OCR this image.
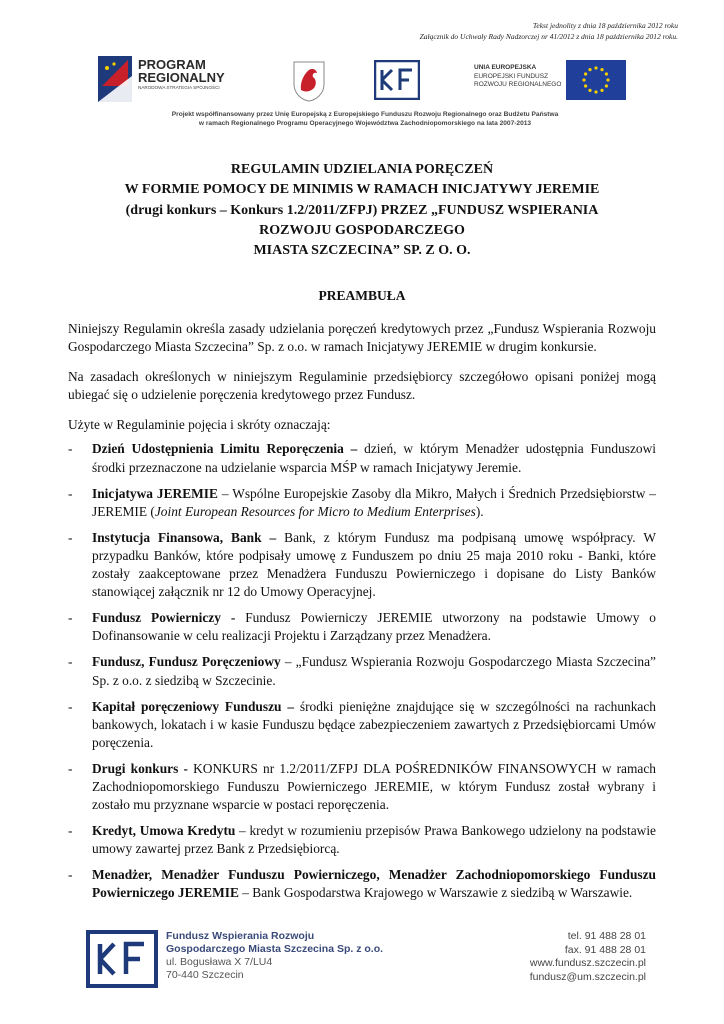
Tekst jednolity z dnia 18 października 2012 roku
Załącznik do Uchwały Rady Nadzorczej nr 41/2012 z dnia 18 października 2012 roku.
PROGRAM
REGIONALNY
NARODOWA STRATEGIA SPÓJNOŚCI
UNIA EUROPEJSKA
EUROPEJSKI FUNDUSZ
ROZWOJU REGIONALNEGO
Projekt współfinansowany przez Unię Europejską z Europejskiego Funduszu Rozwoju Regionalnego oraz Budżetu Państwa
w ramach Regionalnego Programu Operacyjnego Województwa Zachodniopomorskiego na lata 2007-2013
REGULAMIN UDZIELANIA PORĘCZEŃ
W FORMIE POMOCY DE MINIMIS W RAMACH INICJATYWY JEREMIE
(drugi konkurs – Konkurs 1.2/2011/ZFPJ) PRZEZ „FUNDUSZ WSPIERANIA
ROZWOJU GOSPODARCZEGO
MIASTA SZCZECINA” SP. Z O. O.
PREAMBUŁA

Niniejszy Regulamin określa zasady udzielania poręczeń kredytowych przez „Fundusz Wspierania Rozwoju Gospodarczego Miasta Szczecina” Sp. z o.o. w ramach Inicjatywy JEREMIE w drugim konkursie.

Na zasadach określonych w niniejszym Regulaminie przedsiębiorcy szczegółowo opisani poniżej mogą ubiegać się o udzielenie poręczenia kredytowego przez Fundusz.

Użyte w Regulaminie pojęcia i skróty oznaczają:

- Dzień Udostępnienia Limitu Reporęczenia – dzień, w którym Menadżer udostępnia Funduszowi środki przeznaczone na udzielanie wsparcia MŚP w ramach Inicjatywy Jeremie.
- Inicjatywa JEREMIE – Wspólne Europejskie Zasoby dla Mikro, Małych i Średnich Przedsiębiorstw – JEREMIE (Joint European Resources for Micro to Medium Enterprises).
- Instytucja Finansowa, Bank – Bank, z którym Fundusz ma podpisaną umowę współpracy. W przypadku Banków, które podpisały umowę z Funduszem po dniu 25 maja 2010 roku - Banki, które zostały zaakceptowane przez Menadżera Funduszu Powierniczego i dopisane do Listy Banków stanowiącej załącznik nr 12 do Umowy Operacyjnej.
- Fundusz Powierniczy - Fundusz Powierniczy JEREMIE utworzony na podstawie Umowy o Dofinansowanie w celu realizacji Projektu i Zarządzany przez Menadżera.
- Fundusz, Fundusz Poręczeniowy – „Fundusz Wspierania Rozwoju Gospodarczego Miasta Szczecina” Sp. z o.o. z siedzibą w Szczecinie.
- Kapitał poręczeniowy Funduszu – środki pieniężne znajdujące się w szczególności na rachunkach bankowych, lokatach i w kasie Funduszu będące zabezpieczeniem zawartych z Przedsiębiorcami Umów poręczenia.
- Drugi konkurs - KONKURS nr 1.2/2011/ZFPJ DLA POŚREDNIKÓW FINANSOWYCH w ramach Zachodniopomorskiego Funduszu Powierniczego JEREMIE, w którym Fundusz został wybrany i zostało mu przyznane wsparcie w postaci reporęczenia.
- Kredyt, Umowa Kredytu – kredyt w rozumieniu przepisów Prawa Bankowego udzielony na podstawie umowy zawartej przez Bank z Przedsiębiorcą.
- Menadżer, Menadżer Funduszu Powierniczego, Menadżer Zachodniopomorskiego Funduszu Powierniczego JEREMIE – Bank Gospodarstwa Krajowego w Warszawie z siedzibą w Warszawie.
Fundusz Wspierania Rozwoju
Gospodarczego Miasta Szczecina Sp. z o.o.
ul. Bogusława X 7/LU4
70-440 Szczecin
tel. 91 488 28 01
fax. 91 488 28 01
www.fundusz.szczecin.pl
fundusz@um.szczecin.pl
